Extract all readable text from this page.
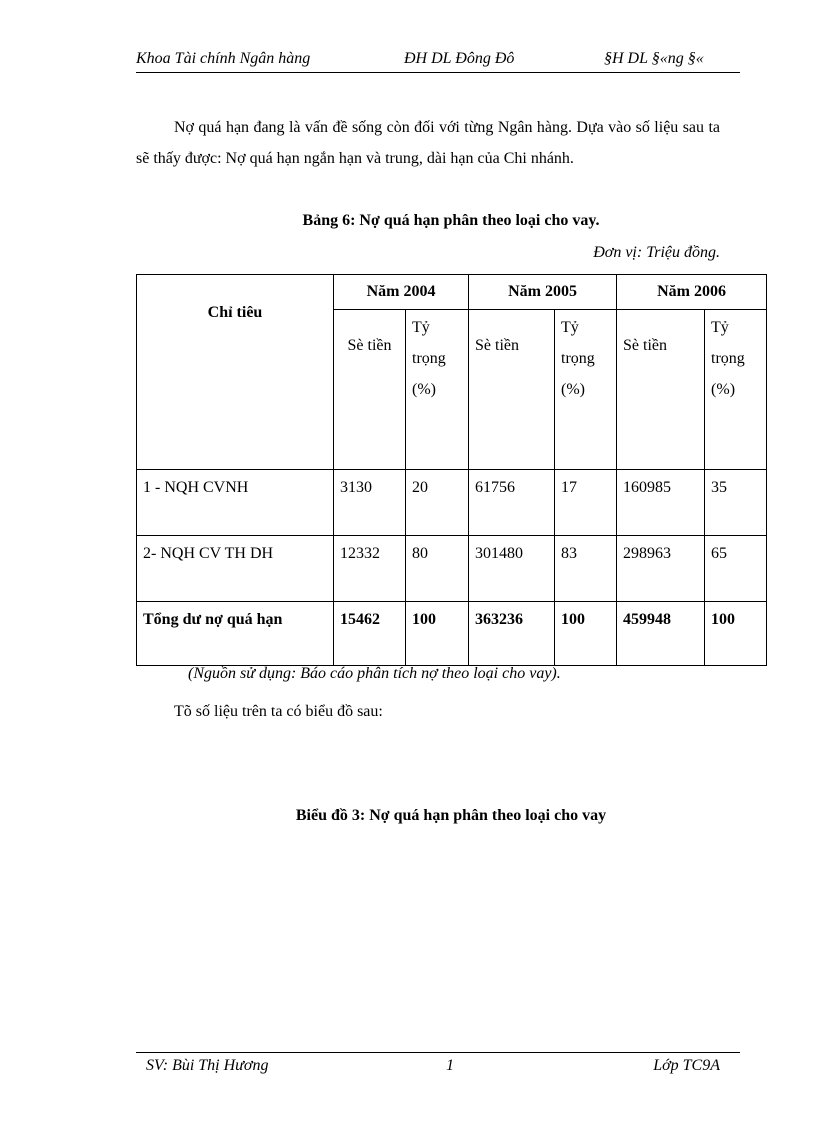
Khoa Tài chính Ngân hàng	ĐH DL Đông Đô	§H DL §«ng §«
Nợ quá hạn đang là vấn đề sống còn đối với từng Ngân hàng. Dựa vào số liệu sau ta sẽ thấy được: Nợ quá hạn ngắn hạn và trung, dài hạn của Chi nhánh.
Bảng 6: Nợ quá hạn phân theo loại cho vay.
Đơn vị: Triệu đồng.
Chỉ tiêu	Năm 2004		Năm 2005		Năm 2006	
	Sè tiền	Tỷ trọng (%)	Sè tiền	Tỷ trọng (%)	Sè tiền	Tỷ trọng (%)
1 - NQH CVNH	3130	20	61756	17	160985	35
2- NQH CV TH DH	12332	80	301480	83	298963	65
Tổng dư nợ quá hạn	15462	100	363236	100	459948	100
(Nguồn sử dụng: Báo cáo phân tích nợ theo loại cho vay).
Tõ số liệu trên ta có biểu đồ sau:
Biểu đồ 3: Nợ quá hạn phân theo loại cho vay
SV: Bùi Thị Hương	1	Lớp TC9A
